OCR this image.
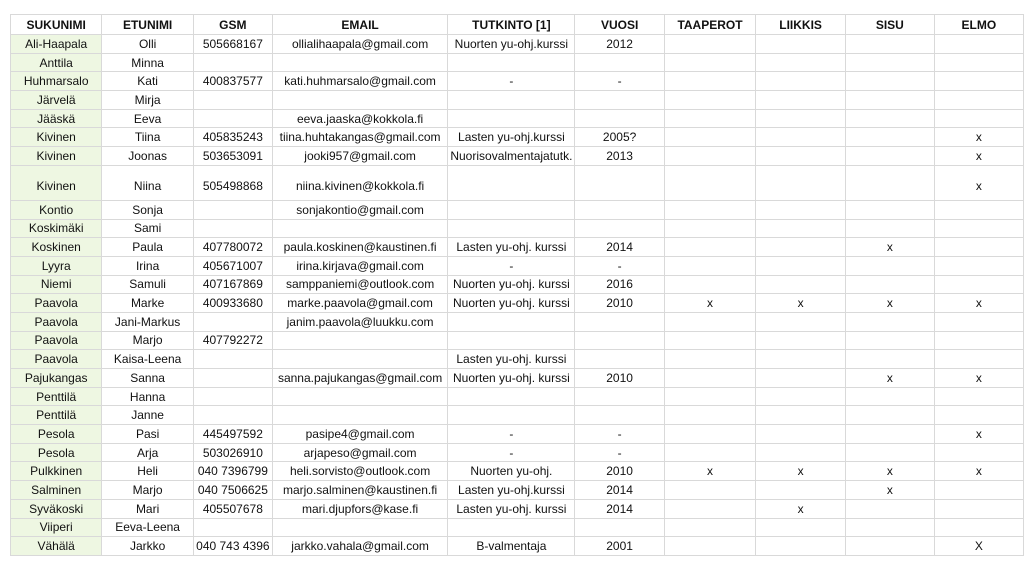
SUKUNIMI	ETUNIMI	GSM	EMAIL	TUTKINTO [1]	VUOSI	TAAPEROT	LIIKKIS	SISU	ELMO
Ali-Haapala	Olli	505668167	ollialihaapala@gmail.com	Nuorten yu-ohj.kurssi	2012				
Anttila	Minna								
Huhmarsalo	Kati	400837577	kati.huhmarsalo@gmail.com	-	-				
Järvelä	Mirja								
Jääskä	Eeva		eeva.jaaska@kokkola.fi						
Kivinen	Tiina	405835243	tiina.huhtakangas@gmail.com	Lasten yu-ohj.kurssi	2005?				x
Kivinen	Joonas	503653091	jooki957@gmail.com	Nuorisovalmentajatutk.	2013				x
Kivinen	Niina	505498868	niina.kivinen@kokkola.fi						x
Kontio	Sonja		sonjakontio@gmail.com						
Koskimäki	Sami								
Koskinen	Paula	407780072	paula.koskinen@kaustinen.fi	Lasten yu-ohj. kurssi	2014			x	
Lyyra	Irina	405671007	irina.kirjava@gmail.com	-	-				
Niemi	Samuli	407167869	samppaniemi@outlook.com	Nuorten yu-ohj. kurssi	2016				
Paavola	Marke	400933680	marke.paavola@gmail.com	Nuorten yu-ohj. kurssi	2010	x	x	x	x
Paavola	Jani-Markus		janim.paavola@luukku.com						
Paavola	Marjo	407792272							
Paavola	Kaisa-Leena			Lasten yu-ohj. kurssi					
Pajukangas	Sanna		sanna.pajukangas@gmail.com	Nuorten yu-ohj. kurssi	2010			x	x
Penttilä	Hanna								
Penttilä	Janne								
Pesola	Pasi	445497592	pasipe4@gmail.com	-	-				x
Pesola	Arja	503026910	arjapeso@gmail.com	-	-				
Pulkkinen	Heli	040 7396799	heli.sorvisto@outlook.com	Nuorten yu-ohj.	2010	x	x	x	x
Salminen	Marjo	040 7506625	marjo.salminen@kaustinen.fi	Lasten yu-ohj.kurssi	2014			x	
Syväkoski	Mari	405507678	mari.djupfors@kase.fi	Lasten yu-ohj. kurssi	2014		x		
Viiperi	Eeva-Leena								
Vähälä	Jarkko	040 743 4396	jarkko.vahala@gmail.com	B-valmentaja	2001				X
